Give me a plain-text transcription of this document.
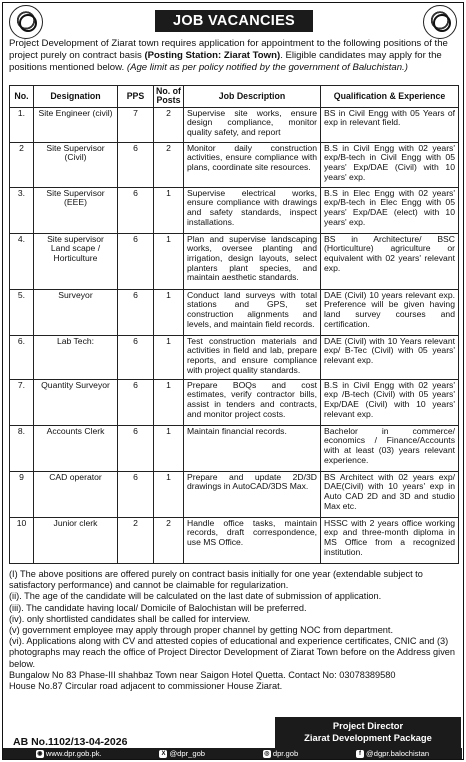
JOB VACANCIES
Project Development of Ziarat town requires application for appointment to the following positions of the project purely on contract basis (Posting Station: Ziarat Town). Eligible candidates may apply for the positions mentioned below. (Age limit as per policy notified by the government of Baluchistan.)
No.	Designation	PPS	No. of Posts	Job Description	Qualification & Experience
1.	Site Engineer (civil)	7	2	Supervise site works, ensure design compliance, monitor quality safety, and report	BS in Civil Engg with 05 Years of exp in relevant field.
2	Site Supervisor (Civil)	6	2	Monitor daily construction activities, ensure compliance with plans, coordinate site resources.	B.S in Civil Engg with 02 years' exp/B-tech in Civil Engg with 05 years' Exp/DAE (Civil) with 10 years' exp.
3.	Site Supervisor (EEE)	6	1	Supervise electrical works, ensure compliance with drawings and safety standards, inspect installations.	B.S in Elec Engg with 02 years' exp/B-tech in Elec Engg with 05 years' Exp/DAE (elect) with 10 years' exp.
4.	Site supervisor Land scape / Horticulture	6	1	Plan and supervise landscaping works, oversee planting and irrigation, design layouts, select planters plant species, and maintain aesthetic standards.	BS in Architecture/ BSC (Horticulture) agriculture or equivalent with 02 years' relevant exp.
5.	Surveyor	6	1	Conduct land surveys with total stations and GPS, set construction alignments and levels, and maintain field records.	DAE (Civil) 10 years relevant exp. Preference will be given having land survey courses and certification.
6.	Lab Tech:	6	1	Test construction materials and activities in field and lab, prepare reports, and ensure compliance with project quality standards.	DAE (Civil) with 10 Years relevant exp/ B-Tec (Civil) with 05 years' relevant exp.
7.	Quantity Surveyor	6	1	Prepare BOQs and cost estimates, verify contractor bills, assist in tenders and contracts, and monitor project costs.	B.S in Civil Engg with 02 years' exp /B-tech (Civil) with 05 years' Exp/DAE (Civil) with 10 years' relevant exp.
8.	Accounts Clerk	6	1	Maintain financial records.	Bachelor in commerce/ economics / Finance/Accounts with at least (03) years relevant experience.
9	CAD operator	6	1	Prepare and update 2D/3D drawings in AutoCAD/3DS Max.	BS Architect with 02 years exp/ DAE(Civil) with 10 years' exp in Auto CAD 2D and 3D and studio Max etc.
10	Junior clerk	2	2	Handle office tasks, maintain records, draft correspondence, use MS Office.	HSSC with 2 years office working exp and three-month diploma in MS Office from a recognized institution.
(I) The above positions are offered purely on contract basis initially for one year (extendable subject to satisfactory performance) and cannot be claimable for regularization.
(ii). The age of the candidate will be calculated on the last date of submission of application.
(iii). The candidate having local/ Domicile of Balochistan will be preferred.
(iv). only shortlisted candidates shall be called for interview.
(v) government employee may apply through proper channel by getting NOC from department.
(vi). Applications along with CV and attested copies of educational and experience certificates, CNIC and (3) photographs may reach the office of Project Director Development of Ziarat Town before on the Address given below.
Bungalow No 83 Phase-III shahbaz Town near Saigon Hotel Quetta. Contact No: 03078389580
House No.87 Circular road adjacent to commissioner House Ziarat.
Project Director
Ziarat Development Package
AB No.1102/13-04-2026
◉ www.dpr.gob.pk.	X @dpr_gob	◎ dpr.gob	f @dgpr.balochistan
